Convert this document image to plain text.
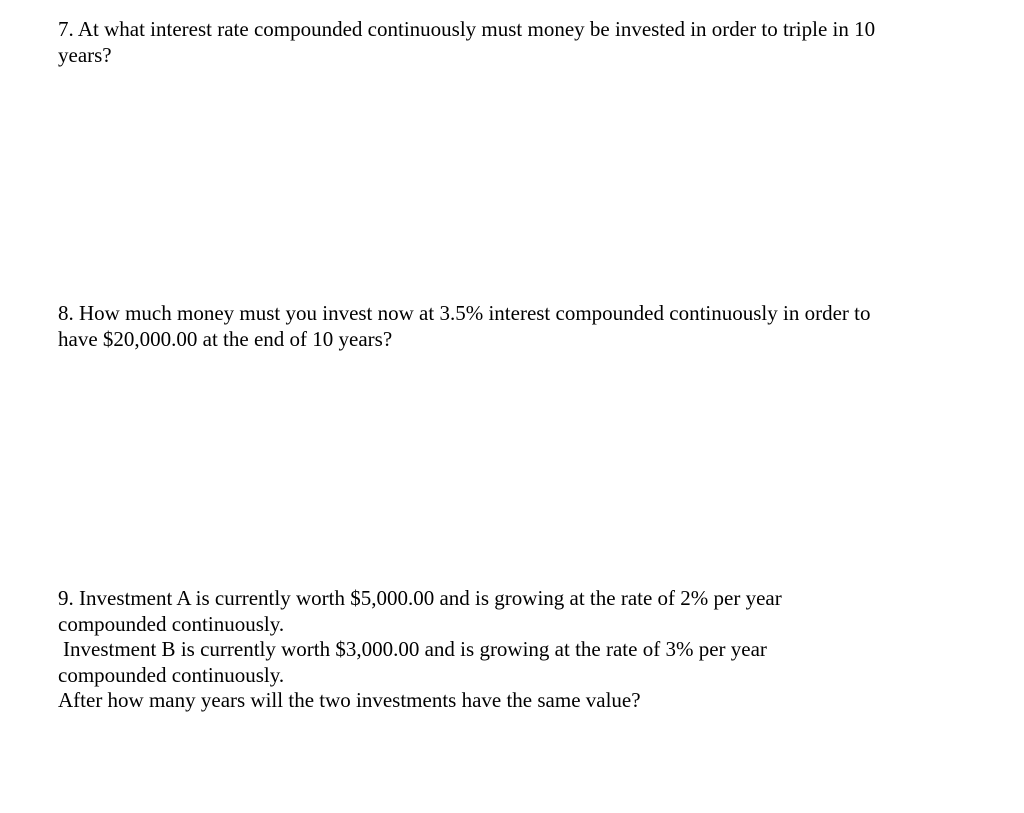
7. At what interest rate compounded continuously must money be invested in order to triple in 10
years?
8. How much money must you invest now at 3.5% interest compounded continuously in order to
have $20,000.00 at the end of 10 years?
9. Investment A is currently worth $5,000.00 and is growing at the rate of 2% per year
compounded continuously.
Investment B is currently worth $3,000.00 and is growing at the rate of 3% per year
compounded continuously.
After how many years will the two investments have the same value?
